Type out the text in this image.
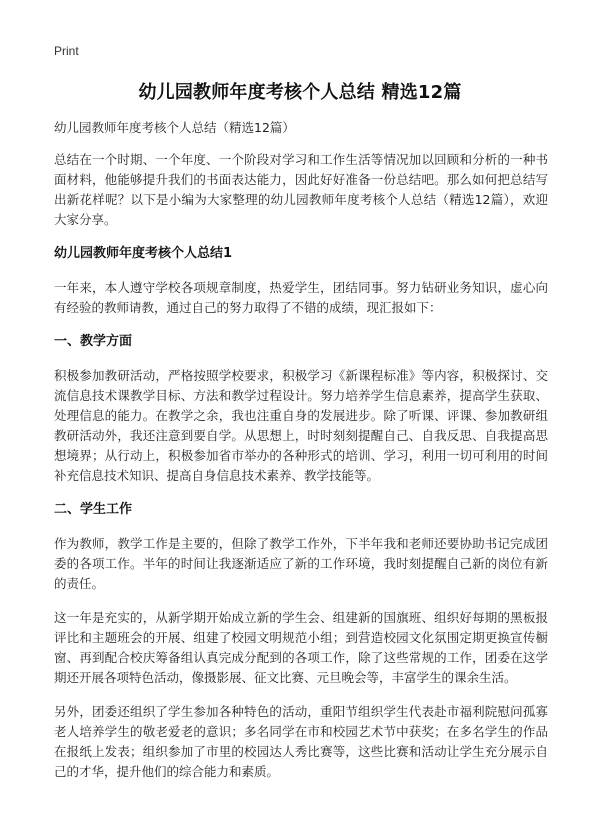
Print
幼儿园教师年度考核个人总结 精选12篇

幼儿园教师年度考核个人总结（精选12篇）

总结在一个时期、一个年度、一个阶段对学习和工作生活等情况加以回顾和分析的一种书面材料，他能够提升我们的书面表达能力，因此好好准备一份总结吧。那么如何把总结写出新花样呢？以下是小编为大家整理的幼儿园教师年度考核个人总结（精选12篇），欢迎大家分享。

幼儿园教师年度考核个人总结1

一年来，本人遵守学校各项规章制度，热爱学生，团结同事。努力钻研业务知识，虚心向有经验的教师请教，通过自己的努力取得了不错的成绩，现汇报如下：

一、教学方面

积极参加教研活动，严格按照学校要求，积极学习《新课程标准》等内容，积极探讨、交流信息技术课教学目标、方法和教学过程设计。努力培养学生信息素养，提高学生获取、处理信息的能力。在教学之余，我也注重自身的发展进步。除了听课、评课、参加教研组教研活动外，我还注意到要自学。从思想上，时时刻刻提醒自己、自我反思、自我提高思想境界；从行动上，积极参加省市举办的各种形式的培训、学习，利用一切可利用的时间补充信息技术知识、提高自身信息技术素养、教学技能等。

二、学生工作

作为教师，教学工作是主要的，但除了教学工作外，下半年我和老师还要协助书记完成团委的各项工作。半年的时间让我逐渐适应了新的工作环境，我时刻提醒自己新的岗位有新的责任。

这一年是充实的，从新学期开始成立新的学生会、组建新的国旗班、组织好每期的黑板报评比和主题班会的开展、组建了校园文明规范小组；到营造校园文化氛围定期更换宣传橱窗、再到配合校庆筹备组认真完成分配到的各项工作，除了这些常规的工作，团委在这学期还开展各项特色活动，像摄影展、征文比赛、元旦晚会等，丰富学生的课余生活。

另外，团委还组织了学生参加各种特色的活动，重阳节组织学生代表赴市福利院慰问孤寡老人培养学生的敬老爱老的意识；多名同学在市和校园艺术节中获奖；在多名学生的作品在报纸上发表；组织参加了市里的校园达人秀比赛等，这些比赛和活动让学生充分展示自己的才华，提升他们的综合能力和素质。
